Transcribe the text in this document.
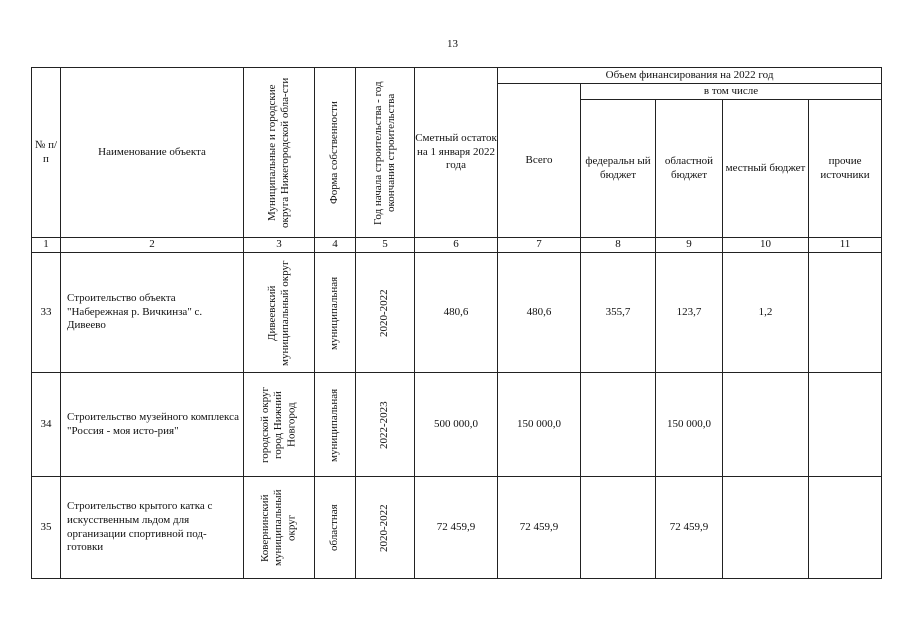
13
№ п/п	Наименование объекта	Муниципальные и городские округа Нижегородской обла-сти	Форма собственности	Год начала строительства - год окончания строительства	Сметный остаток на 1 января 2022 года	Объем финансирования на 2022 год				
						Всего	в том числе			
							федеральн ый бюджет	областной бюджет	местный бюджет	прочие источники
1	2	3	4	5	6	7	8	9	10	11
33	Строительство объекта "Набережная р. Вичкинза" с. Дивеево	Дивеевский муниципальный округ	муниципальная	2020-2022	480,6	480,6	355,7	123,7	1,2	
34	Строительство музейного комплекса "Россия - моя исто-рия"	городской округ город Нижний Новгород	муниципальная	2022-2023	500 000,0	150 000,0		150 000,0		
35	Строительство крытого катка с искусственным льдом для организации спортивной под-готовки	Ковернинский муниципальный округ	областная	2020-2022	72 459,9	72 459,9		72 459,9		
